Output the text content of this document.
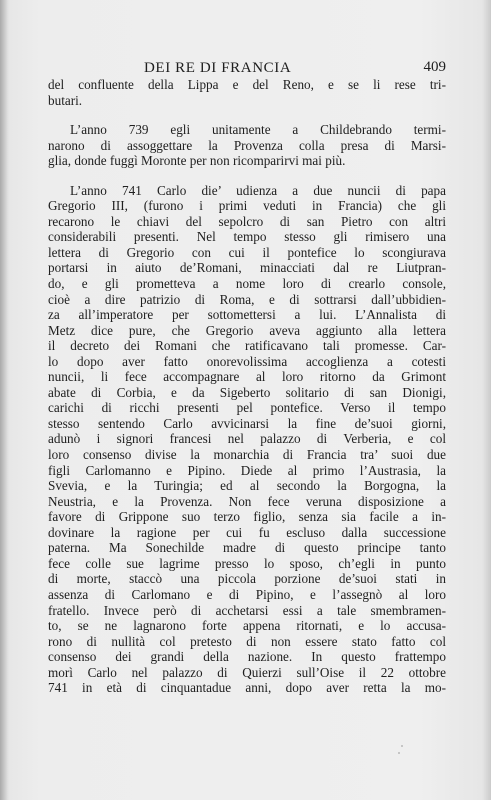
DEI RE DI FRANCIA	409

del confluente della Lippa e del Reno, e se li rese tri-
butari.

L’anno 739 egli unitamente a Childebrando termi-
narono di assoggettare la Provenza colla presa di Marsi-
glia, donde fuggì Moronte per non ricomparirvi mai più.

L’anno 741 Carlo die’ udienza a due nuncii di papa
Gregorio III, (furono i primi veduti in Francia) che gli
recarono le chiavi del sepolcro di san Pietro con altri
considerabili presenti. Nel tempo stesso gli rimisero una
lettera di Gregorio con cui il pontefice lo scongiurava
portarsi in aiuto de’Romani, minacciati dal re Liutpran-
do, e gli prometteva a nome loro di crearlo console,
cioè a dire patrizio di Roma, e di sottrarsi dall’ubbidien-
za all’imperatore per sottomettersi a lui. L’Annalista di
Metz dice pure, che Gregorio aveva aggiunto alla lettera
il decreto dei Romani che ratificavano tali promesse. Car-
lo dopo aver fatto onorevolissima accoglienza a cotesti
nuncii, li fece accompagnare al loro ritorno da Grimont
abate di Corbia, e da Sigeberto solitario di san Dionigi,
carichi di ricchi presenti pel pontefice. Verso il tempo
stesso sentendo Carlo avvicinarsi la fine de’suoi giorni,
adunò i signori francesi nel palazzo di Verberia, e col
loro consenso divise la monarchia di Francia tra’ suoi due
figli Carlomanno e Pipino. Diede al primo l’Austrasia, la
Svevia, e la Turingia; ed al secondo la Borgogna, la
Neustria, e la Provenza. Non fece veruna disposizione a
favore di Grippone suo terzo figlio, senza sia facile a in-
dovinare la ragione per cui fu escluso dalla successione
paterna. Ma Sonechilde madre di questo principe tanto
fece colle sue lagrime presso lo sposo, ch’egli in punto
di morte, staccò una piccola porzione de’suoi stati in
assenza di Carlomano e di Pipino, e l’assegnò al loro
fratello. Invece però di acchetarsi essi a tale smembramen-
to, se ne lagnarono forte appena ritornati, e lo accusa-
rono di nullità col pretesto di non essere stato fatto col
consenso dei grandi della nazione. In questo frattempo
morì Carlo nel palazzo di Quierzi sull’Oise il 22 ottobre
741 in età di cinquantadue anni, dopo aver retta la mo-
